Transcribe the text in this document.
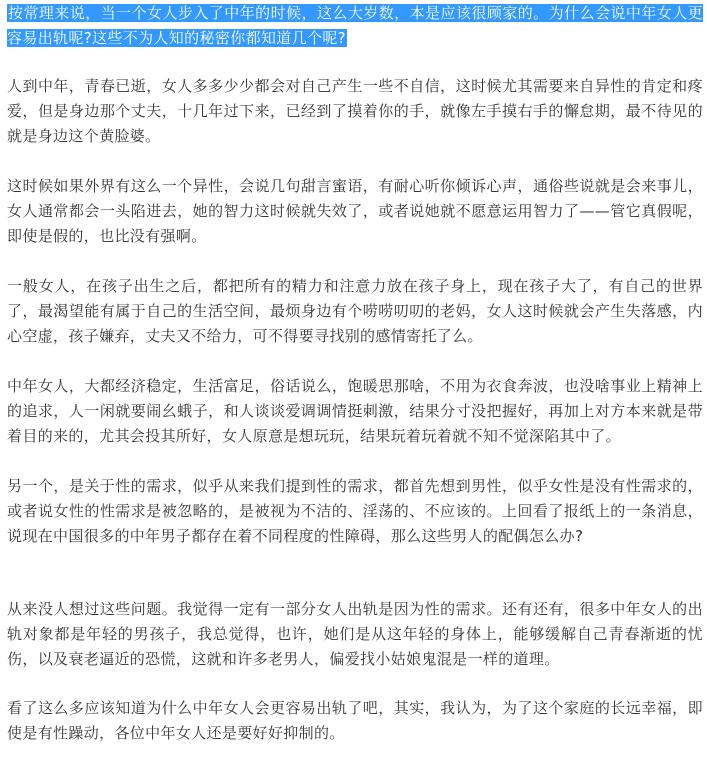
按常理来说，当一个女人步入了中年的时候，这么大岁数，本是应该很顾家的。为什么会说中年女人更容易出轨呢?这些不为人知的秘密你都知道几个呢?

人到中年，青春已逝，女人多多少少都会对自己产生一些不自信，这时候尤其需要来自异性的肯定和疼爱，但是身边那个丈夫，十几年过下来，已经到了摸着你的手，就像左手摸右手的懈怠期，最不待见的就是身边这个黄脸婆。

这时候如果外界有这么一个异性，会说几句甜言蜜语，有耐心听你倾诉心声，通俗些说就是会来事儿，女人通常都会一头陷进去，她的智力这时候就失效了，或者说她就不愿意运用智力了——管它真假呢，即使是假的，也比没有强啊。

一般女人，在孩子出生之后，都把所有的精力和注意力放在孩子身上，现在孩子大了，有自己的世界了，最渴望能有属于自己的生活空间，最烦身边有个唠唠叨叨的老妈，女人这时候就会产生失落感，内心空虚，孩子嫌弃，丈夫又不给力，可不得要寻找别的感情寄托了么。

中年女人，大都经济稳定，生活富足，俗话说么，饱暖思那啥，不用为衣食奔波，也没啥事业上精神上的追求，人一闲就要闹幺蛾子，和人谈谈爱调调情挺刺激，结果分寸没把握好，再加上对方本来就是带着目的来的，尤其会投其所好，女人原意是想玩玩，结果玩着玩着就不知不觉深陷其中了。

另一个，是关于性的需求，似乎从来我们提到性的需求，都首先想到男性，似乎女性是没有性需求的，或者说女性的性需求是被忽略的，是被视为不洁的、淫荡的、不应该的。上回看了报纸上的一条消息，说现在中国很多的中年男子都存在着不同程度的性障碍，那么这些男人的配偶怎么办?

从来没人想过这些问题。我觉得一定有一部分女人出轨是因为性的需求。还有还有，很多中年女人的出轨对象都是年轻的男孩子，我总觉得，也许，她们是从这年轻的身体上，能够缓解自己青春渐逝的忧伤，以及衰老逼近的恐慌，这就和许多老男人，偏爱找小姑娘鬼混是一样的道理。

看了这么多应该知道为什么中年女人会更容易出轨了吧，其实，我认为，为了这个家庭的长远幸福，即使是有性躁动，各位中年女人还是要好好抑制的。
